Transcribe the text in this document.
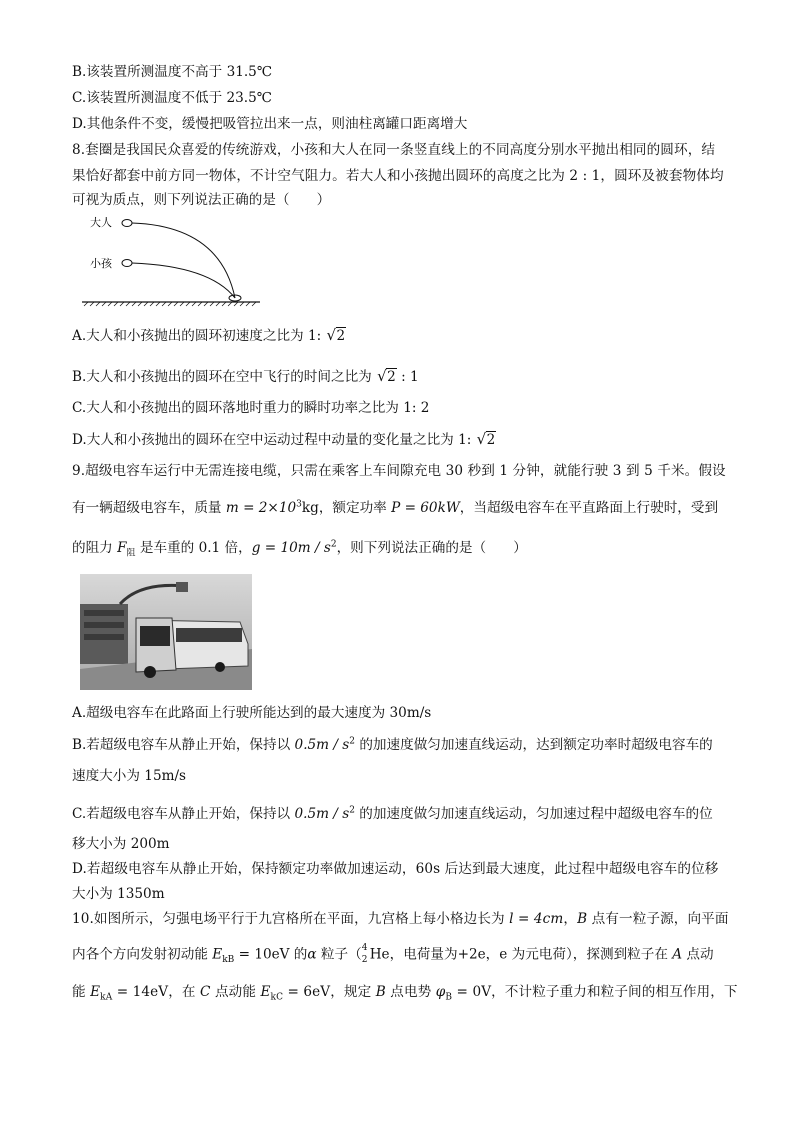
B.该装置所测温度不高于 31.5℃
C.该装置所测温度不低于 23.5℃
D.其他条件不变，缓慢把吸管拉出来一点，则油柱离罐口距离增大
8.套圈是我国民众喜爱的传统游戏，小孩和大人在同一条竖直线上的不同高度分别水平抛出相同的圆环，结
果恰好都套中前方同一物体，不计空气阻力。若大人和小孩抛出圆环的高度之比为 2 : 1，圆环及被套物体均
可视为质点，则下列说法正确的是（　　）
大人
小孩
A.大人和小孩抛出的圆环初速度之比为 1: √ 2
B.大人和小孩抛出的圆环在空中飞行的时间之比为 √ 2 : 1
C.大人和小孩抛出的圆环落地时重力的瞬时功率之比为 1: 2
D.大人和小孩抛出的圆环在空中运动过程中动量的变化量之比为 1: √ 2
9.超级电容车运行中无需连接电缆，只需在乘客上车间隙充电 30 秒到 1 分钟，就能行驶 3 到 5 千米。假设
有一辆超级电容车，质量 $m = 2\times 10^3kg$，额定功率 P = 60kW，当超级电容车在平直路面上行驶时，受到
的阻力 $F_阻$ 是车重的 0.1 倍，$g = 10m / s^2$，则下列说法正确的是（　　）
A.超级电容车在此路面上行驶所能达到的最大速度为 30m/s
B.若超级电容车从静止开始，保持以 $0.5m / s^2$ 的加速度做匀加速直线运动，达到额定功率时超级电容车的
速度大小为 15m/s
C.若超级电容车从静止开始，保持以 $0.5m / s^2$ 的加速度做匀加速直线运动，匀加速过程中超级电容车的位
移大小为 200m
D.若超级电容车从静止开始，保持额定功率做加速运动，60s 后达到最大速度，此过程中超级电容车的位移
大小为 1350m
10.如图所示，匀强电场平行于九宫格所在平面，九宫格上每小格边长为 l = 4cm，B 点有一粒子源，向平面
内各个方向发射初动能 $E_{kB} = 10eV$ 的α 粒子（ 4
2 He，电荷量为+2e，e 为元电荷），探测到粒子在 A 点动
能 $E_{kA} = 14eV$，在 C 点动能 $E_{kC} = 6eV$，规定 B 点电势 $\varphi_B = 0V$，不计粒子重力和粒子间的相互作用，下
